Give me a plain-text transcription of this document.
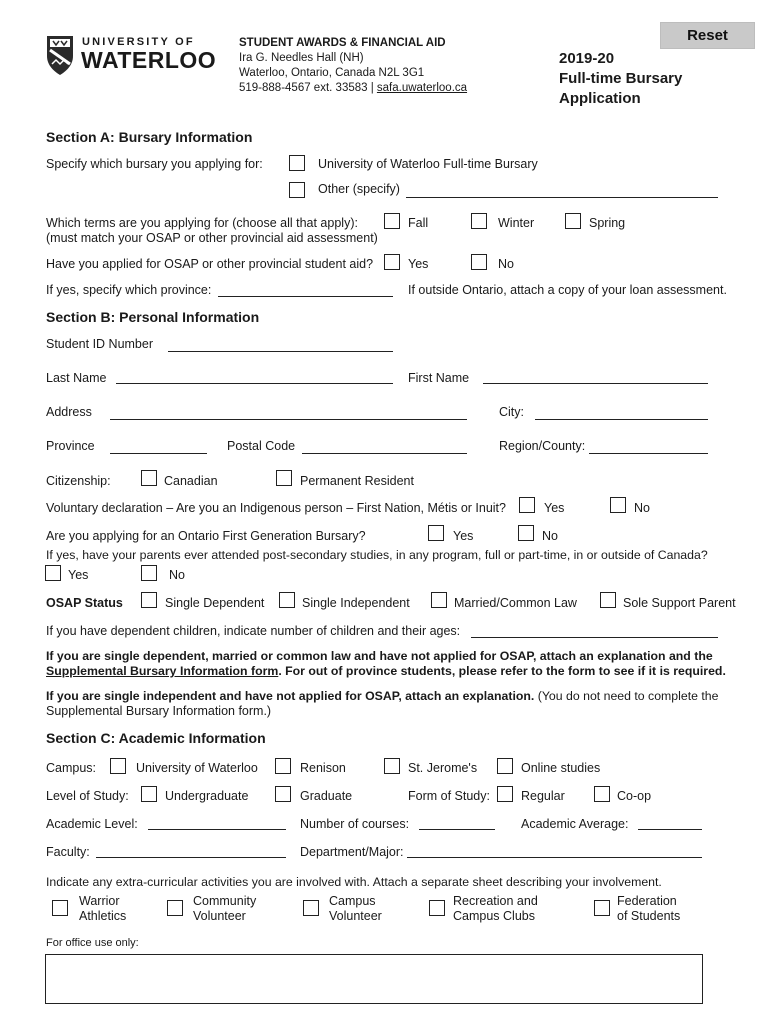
Reset
UNIVERSITY OF
WATERLOO
STUDENT AWARDS & FINANCIAL AID
Ira G. Needles Hall (NH)
Waterloo, Ontario, Canada N2L 3G1
519-888-4567 ext. 33583 | safa.uwaterloo.ca
2019-20
Full-time Bursary
Application
Section A: Bursary Information
Specify which bursary you applying for:	University of Waterloo Full-time Bursary
Other (specify)
Which terms are you applying for (choose all that apply):
(must match your OSAP or other provincial aid assessment)
Fall	Winter	Spring
Have you applied for OSAP or other provincial student aid?	Yes	No
If yes, specify which province:	If outside Ontario, attach a copy of your loan assessment.
Section B: Personal Information
Student ID Number
Last Name	First Name
Address	City:
Province	Postal Code	Region/County:
Citizenship:	Canadian	Permanent Resident
Voluntary declaration – Are you an Indigenous person – First Nation, Métis or Inuit?	Yes	No
Are you applying for an Ontario First Generation Bursary?	Yes	No
If yes, have your parents ever attended post-secondary studies, in any program, full or part-time, in or outside of Canada?
Yes	No
OSAP Status	Single Dependent	Single Independent	Married/Common Law	Sole Support Parent
If you have dependent children, indicate number of children and their ages:
If you are single dependent, married or common law and have not applied for OSAP, attach an explanation and the
Supplemental Bursary Information form. For out of province students, please refer to the form to see if it is required.
If you are single independent and have not applied for OSAP, attach an explanation. (You do not need to complete the
Supplemental Bursary Information form.)
Section C: Academic Information
Campus:	University of Waterloo	Renison	St. Jerome's	Online studies
Level of Study:	Undergraduate	Graduate	Form of Study: Regular	Co-op
Academic Level:	Number of courses:	Academic Average:
Faculty:	Department/Major:
Indicate any extra-curricular activities you are involved with. Attach a separate sheet describing your involvement.
Warrior
Athletics
Community
Volunteer
Campus
Volunteer
Recreation and
Campus Clubs
Federation
of Students
For office use only:
